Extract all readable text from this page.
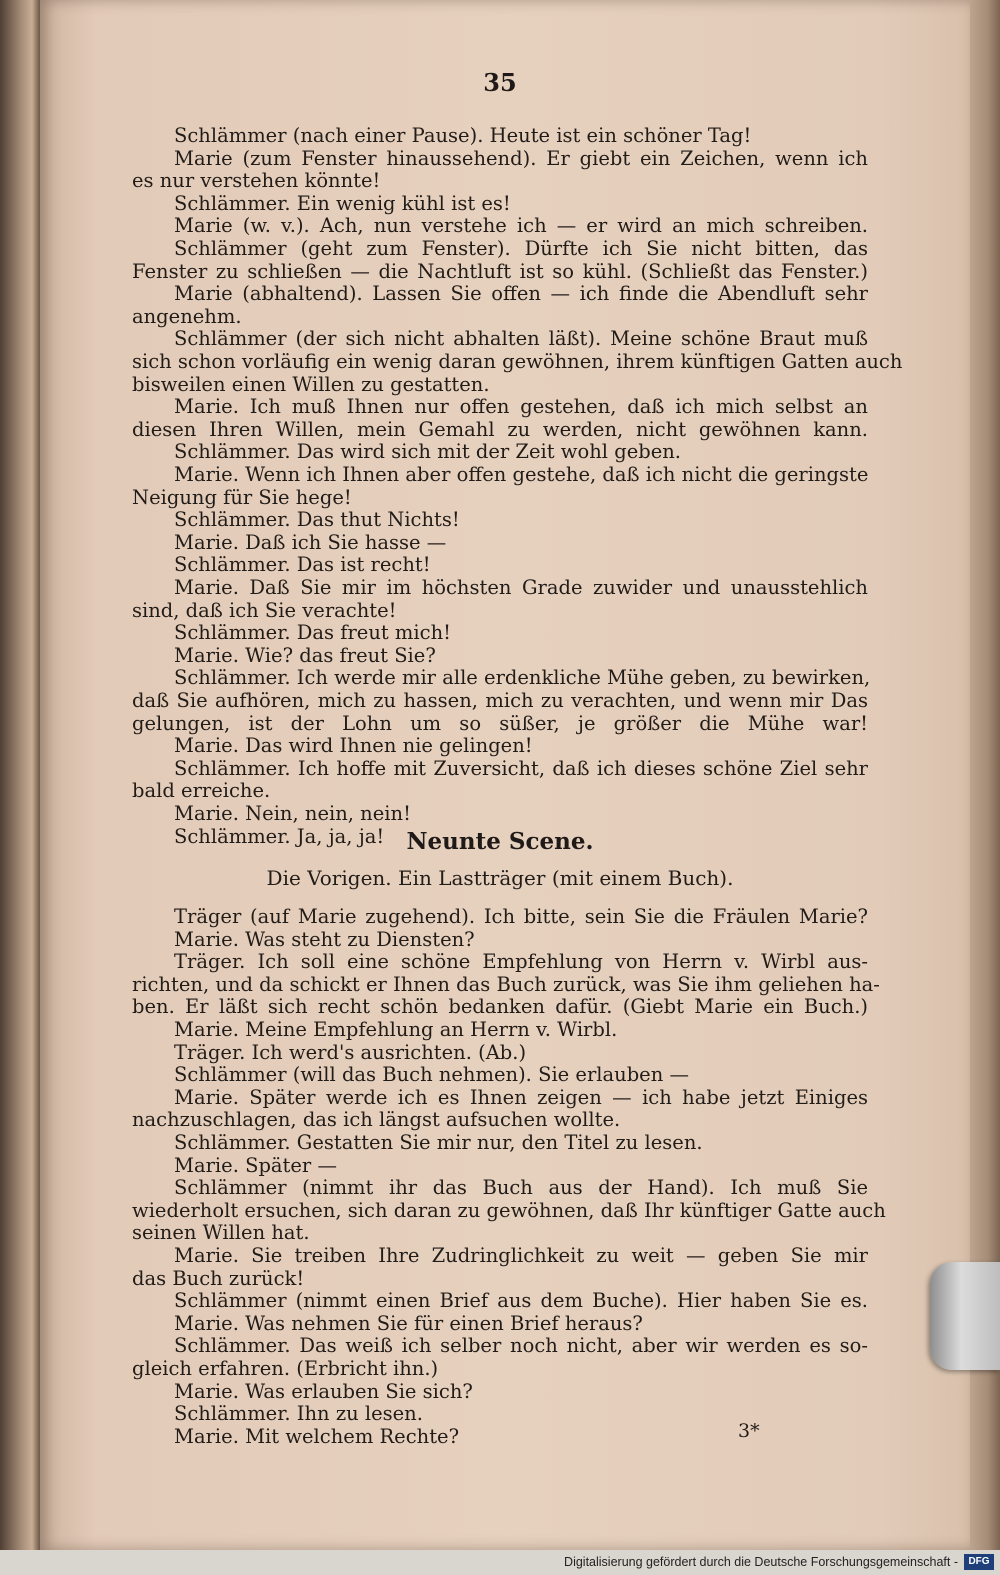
35
Schlämmer (nach einer Pause). Heute ist ein schöner Tag!
Marie (zum Fenster hinaussehend). Er giebt ein Zeichen, wenn ich
es nur verstehen könnte!
Schlämmer. Ein wenig kühl ist es!
Marie (w. v.). Ach, nun verstehe ich — er wird an mich schreiben.
Schlämmer (geht zum Fenster). Dürfte ich Sie nicht bitten, das
Fenster zu schließen — die Nachtluft ist so kühl. (Schließt das Fenster.)
Marie (abhaltend). Lassen Sie offen — ich finde die Abendluft sehr
angenehm.
Schlämmer (der sich nicht abhalten läßt). Meine schöne Braut muß
sich schon vorläufig ein wenig daran gewöhnen, ihrem künftigen Gatten auch
bisweilen einen Willen zu gestatten.
Marie. Ich muß Ihnen nur offen gestehen, daß ich mich selbst an
diesen Ihren Willen, mein Gemahl zu werden, nicht gewöhnen kann.
Schlämmer. Das wird sich mit der Zeit wohl geben.
Marie. Wenn ich Ihnen aber offen gestehe, daß ich nicht die geringste
Neigung für Sie hege!
Schlämmer. Das thut Nichts!
Marie. Daß ich Sie hasse —
Schlämmer. Das ist recht!
Marie. Daß Sie mir im höchsten Grade zuwider und unausstehlich
sind, daß ich Sie verachte!
Schlämmer. Das freut mich!
Marie. Wie? das freut Sie?
Schlämmer. Ich werde mir alle erdenkliche Mühe geben, zu bewirken,
daß Sie aufhören, mich zu hassen, mich zu verachten, und wenn mir Das
gelungen, ist der Lohn um so süßer, je größer die Mühe war!
Marie. Das wird Ihnen nie gelingen!
Schlämmer. Ich hoffe mit Zuversicht, daß ich dieses schöne Ziel sehr
bald erreiche.
Marie. Nein, nein, nein!
Schlämmer. Ja, ja, ja! Neunte Scene.
Die Vorigen. Ein Lastträger (mit einem Buch).
Träger (auf Marie zugehend). Ich bitte, sein Sie die Fräulen Marie?
Marie. Was steht zu Diensten?
Träger. Ich soll eine schöne Empfehlung von Herrn v. Wirbl aus-
richten, und da schickt er Ihnen das Buch zurück, was Sie ihm geliehen ha-
ben. Er läßt sich recht schön bedanken dafür. (Giebt Marie ein Buch.)
Marie. Meine Empfehlung an Herrn v. Wirbl.
Träger. Ich werd's ausrichten. (Ab.)
Schlämmer (will das Buch nehmen). Sie erlauben —
Marie. Später werde ich es Ihnen zeigen — ich habe jetzt Einiges
nachzuschlagen, das ich längst aufsuchen wollte.
Schlämmer. Gestatten Sie mir nur, den Titel zu lesen.
Marie. Später —
Schlämmer (nimmt ihr das Buch aus der Hand). Ich muß Sie
wiederholt ersuchen, sich daran zu gewöhnen, daß Ihr künftiger Gatte auch
seinen Willen hat.
Marie. Sie treiben Ihre Zudringlichkeit zu weit — geben Sie mir
das Buch zurück!
Schlämmer (nimmt einen Brief aus dem Buche). Hier haben Sie es.
Marie. Was nehmen Sie für einen Brief heraus?
Schlämmer. Das weiß ich selber noch nicht, aber wir werden es so-
gleich erfahren. (Erbricht ihn.)
Marie. Was erlauben Sie sich?
Schlämmer. Ihn zu lesen.
Marie. Mit welchem Rechte?	3*
Digitalisierung gefördert durch die Deutsche Forschungsgemeinschaft -	DFG
